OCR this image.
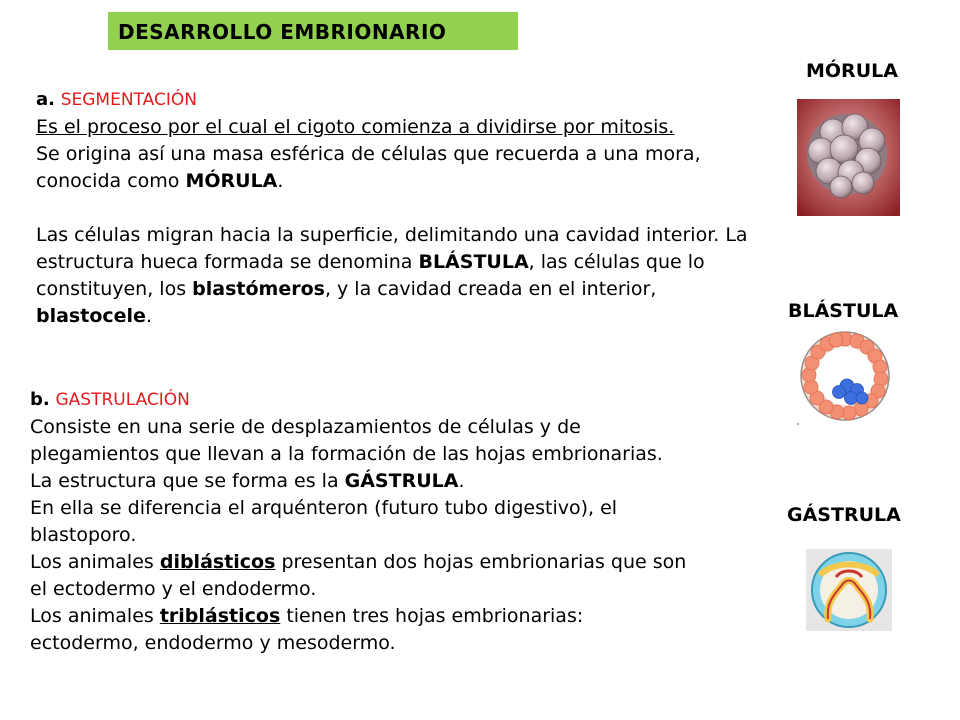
DESARROLLO EMBRIONARIO
a. SEGMENTACIÓN
Es el proceso por el cual el cigoto comienza a dividirse por mitosis.
Se origina así una masa esférica de células que recuerda a una mora, conocida como MÓRULA.
Las células migran hacia la superficie, delimitando una cavidad interior. La estructura hueca formada se denomina BLÁSTULA, las células que lo constituyen, los blastómeros, y la cavidad creada en el interior, blastocele.
b. GASTRULACIÓN
Consiste en una serie de desplazamientos de células y de plegamientos que llevan a la formación de las hojas embrionarias. La estructura que se forma es la GÁSTRULA.
En ella se diferencia el arquénteron (futuro tubo digestivo), el blastoporo.
Los animales diblásticos presentan dos hojas embrionarias que son el ectodermo y el endodermo.
Los animales triblásticos tienen tres hojas embrionarias: ectodermo, endodermo y mesodermo.
MÓRULA
BLÁSTULA
GÁSTRULA
